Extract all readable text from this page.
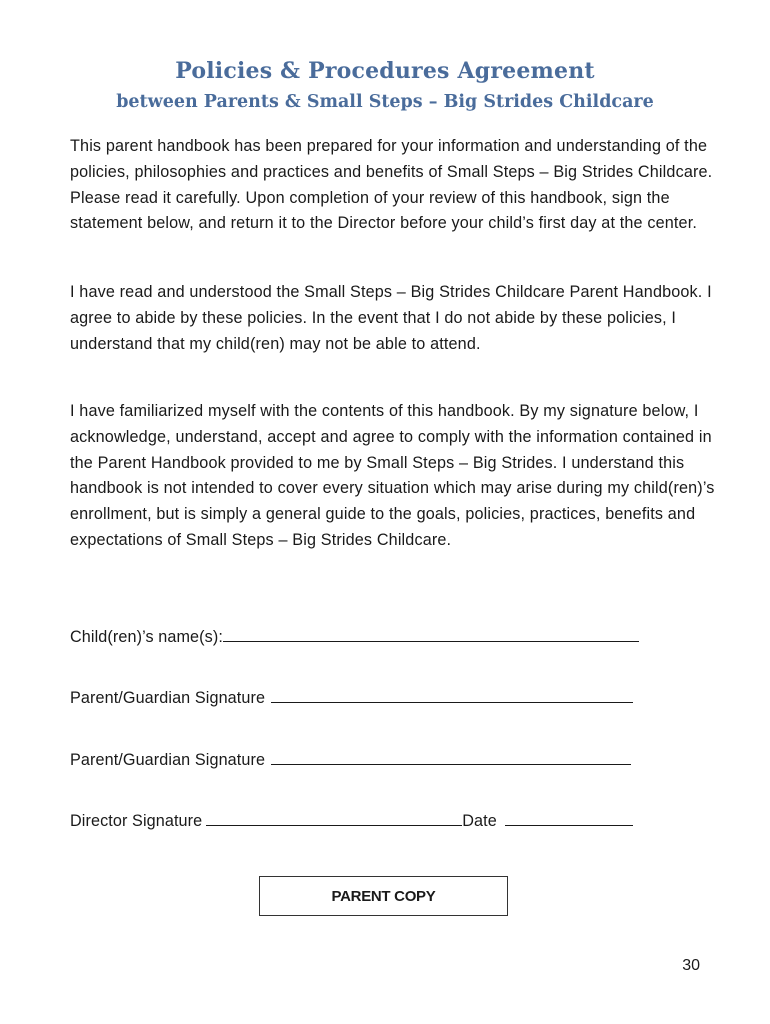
Policies & Procedures Agreement
between Parents & Small Steps – Big Strides Childcare

This parent handbook has been prepared for your information and understanding of the policies, philosophies and practices and benefits of Small Steps – Big Strides Childcare. Please read it carefully. Upon completion of your review of this handbook, sign the statement below, and return it to the Director before your child’s first day at the center.

I have read and understood the Small Steps – Big Strides Childcare Parent Handbook. I agree to abide by these policies. In the event that I do not abide by these policies, I understand that my child(ren) may not be able to attend.

I have familiarized myself with the contents of this handbook. By my signature below, I acknowledge, understand, accept and agree to comply with the information contained in the Parent Handbook provided to me by Small Steps – Big Strides. I understand this handbook is not intended to cover every situation which may arise during my child(ren)’s enrollment, but is simply a general guide to the goals, policies, practices, benefits and expectations of Small Steps – Big Strides Childcare.

Child(ren)’s name(s):
Parent/Guardian Signature
Parent/Guardian Signature
Director Signature	Date
PARENT COPY
30
